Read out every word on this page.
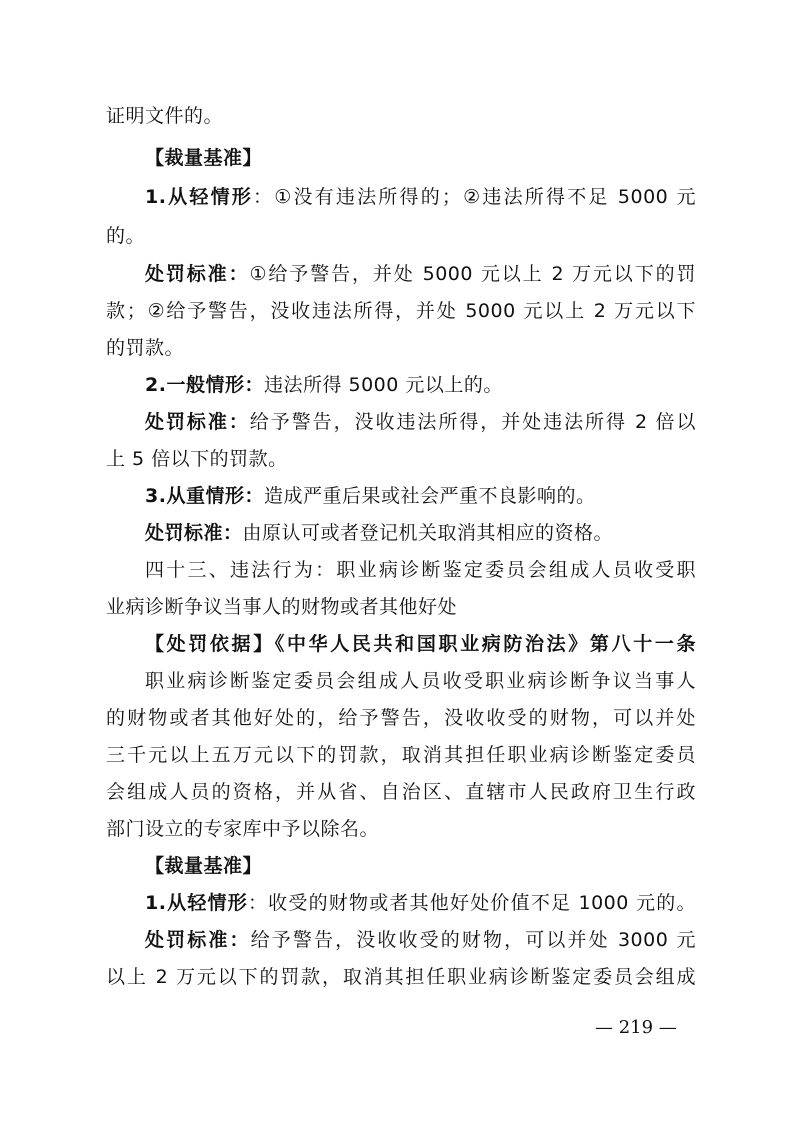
证明文件的。
【裁量基准】
1.从轻情形：①没有违法所得的；②违法所得不足 5000 元
的。
处罚标准：①给予警告，并处 5000 元以上 2 万元以下的罚
款；②给予警告，没收违法所得，并处 5000 元以上 2 万元以下
的罚款。
2.一般情形：违法所得 5000 元以上的。
处罚标准：给予警告，没收违法所得，并处违法所得 2 倍以
上 5 倍以下的罚款。
3.从重情形：造成严重后果或社会严重不良影响的。
处罚标准：由原认可或者登记机关取消其相应的资格。
四十三、违法行为：职业病诊断鉴定委员会组成人员收受职
业病诊断争议当事人的财物或者其他好处
【处罚依据】《中华人民共和国职业病防治法》第八十一条
职业病诊断鉴定委员会组成人员收受职业病诊断争议当事人
的财物或者其他好处的，给予警告，没收收受的财物，可以并处
三千元以上五万元以下的罚款，取消其担任职业病诊断鉴定委员
会组成人员的资格，并从省、自治区、直辖市人民政府卫生行政
部门设立的专家库中予以除名。
【裁量基准】
1.从轻情形：收受的财物或者其他好处价值不足 1000 元的。
处罚标准：给予警告，没收收受的财物，可以并处 3000 元
以上 2 万元以下的罚款，取消其担任职业病诊断鉴定委员会组成
— 219 —
